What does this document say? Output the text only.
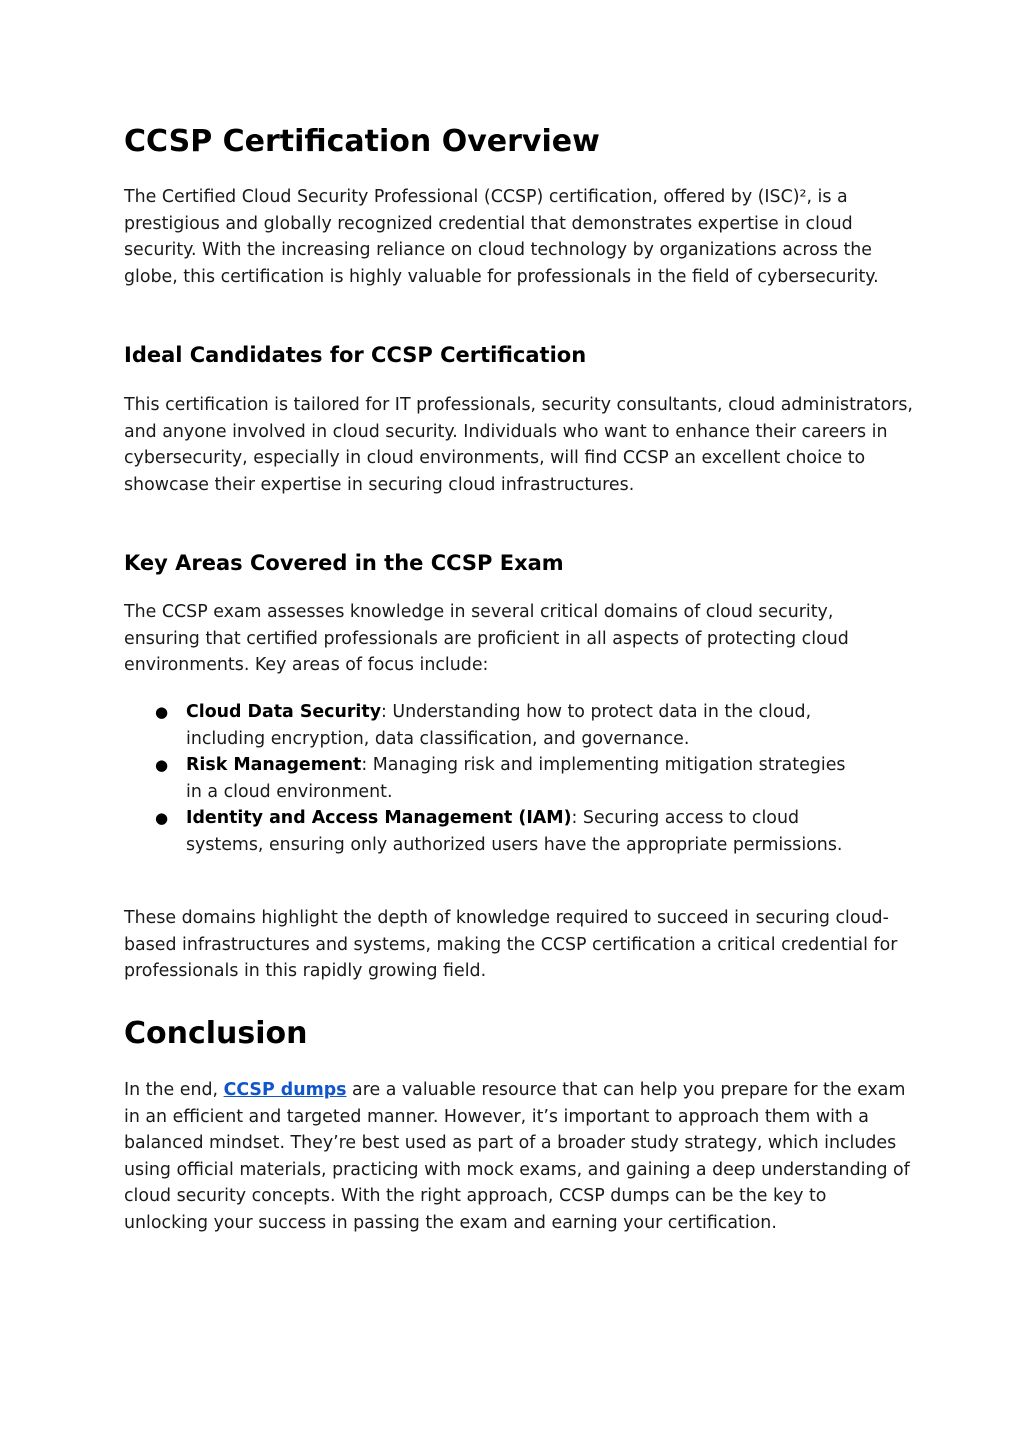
CCSP Certification Overview

The Certified Cloud Security Professional (CCSP) certification, offered by (ISC)², is a prestigious and globally recognized credential that demonstrates expertise in cloud security. With the increasing reliance on cloud technology by organizations across the globe, this certification is highly valuable for professionals in the field of cybersecurity.

Ideal Candidates for CCSP Certification

This certification is tailored for IT professionals, security consultants, cloud administrators, and anyone involved in cloud security. Individuals who want to enhance their careers in cybersecurity, especially in cloud environments, will find CCSP an excellent choice to showcase their expertise in securing cloud infrastructures.

Key Areas Covered in the CCSP Exam

The CCSP exam assesses knowledge in several critical domains of cloud security, ensuring that certified professionals are proficient in all aspects of protecting cloud environments. Key areas of focus include:

● Cloud Data Security: Understanding how to protect data in the cloud, including encryption, data classification, and governance.
● Risk Management: Managing risk and implementing mitigation strategies in a cloud environment.
● Identity and Access Management (IAM): Securing access to cloud systems, ensuring only authorized users have the appropriate permissions.

These domains highlight the depth of knowledge required to succeed in securing cloud-based infrastructures and systems, making the CCSP certification a critical credential for professionals in this rapidly growing field.

Conclusion

In the end, CCSP dumps are a valuable resource that can help you prepare for the exam in an efficient and targeted manner. However, it’s important to approach them with a balanced mindset. They’re best used as part of a broader study strategy, which includes using official materials, practicing with mock exams, and gaining a deep understanding of cloud security concepts. With the right approach, CCSP dumps can be the key to unlocking your success in passing the exam and earning your certification.
